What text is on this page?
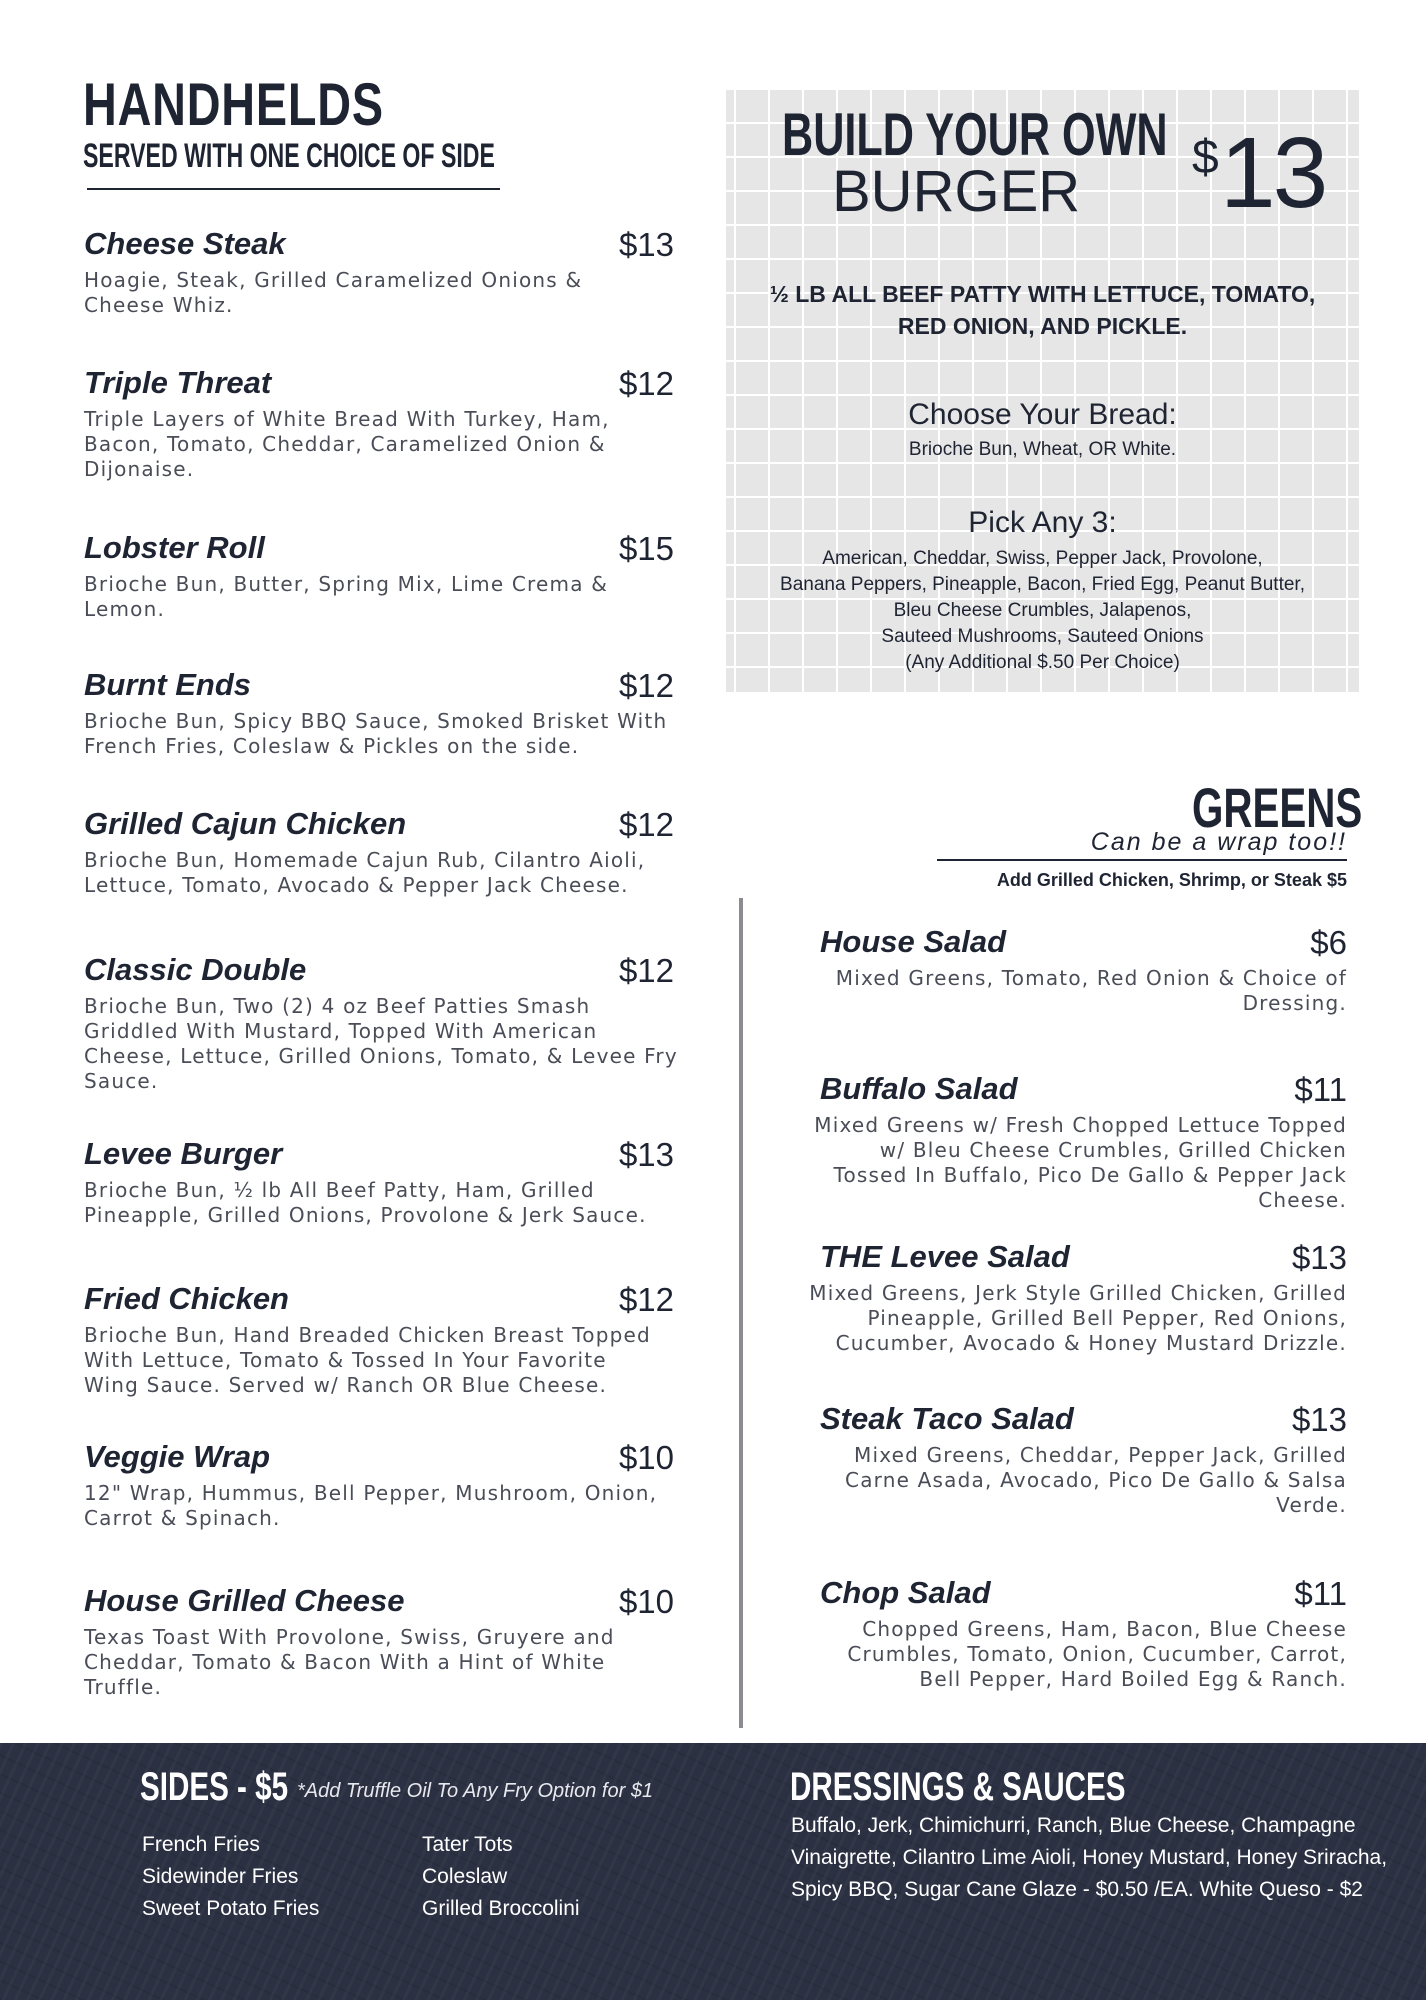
HANDHELDS
SERVED WITH ONE CHOICE OF SIDE
Cheese Steak	$13
Hoagie, Steak, Grilled Caramelized Onions & Cheese Whiz.
Triple Threat	$12
Triple Layers of White Bread With Turkey, Ham, Bacon, Tomato, Cheddar, Caramelized Onion & Dijonaise.
Lobster Roll	$15
Brioche Bun, Butter, Spring Mix, Lime Crema & Lemon.
Burnt Ends	$12
Brioche Bun, Spicy BBQ Sauce, Smoked Brisket With French Fries, Coleslaw & Pickles on the side.
Grilled Cajun Chicken	$12
Brioche Bun, Homemade Cajun Rub, Cilantro Aioli, Lettuce, Tomato, Avocado & Pepper Jack Cheese.
Classic Double	$12
Brioche Bun, Two (2) 4 oz Beef Patties Smash Griddled With Mustard, Topped With American Cheese, Lettuce, Grilled Onions, Tomato, & Levee Fry Sauce.
Levee Burger	$13
Brioche Bun, ½ lb All Beef Patty, Ham, Grilled Pineapple, Grilled Onions, Provolone & Jerk Sauce.
Fried Chicken	$12
Brioche Bun, Hand Breaded Chicken Breast Topped With Lettuce, Tomato & Tossed In Your Favorite Wing Sauce. Served w/ Ranch OR Blue Cheese.
Veggie Wrap	$10
12" Wrap, Hummus, Bell Pepper, Mushroom, Onion, Carrot & Spinach.
House Grilled Cheese	$10
Texas Toast With Provolone, Swiss, Gruyere and Cheddar, Tomato & Bacon With a Hint of White Truffle.
BUILD YOUR OWN
BURGER
$ 13
½ LB ALL BEEF PATTY WITH LETTUCE, TOMATO, RED ONION, AND PICKLE.
Choose Your Bread:
Brioche Bun, Wheat, OR White.
Pick Any 3:
American, Cheddar, Swiss, Pepper Jack, Provolone,
Banana Peppers, Pineapple, Bacon, Fried Egg, Peanut Butter,
Bleu Cheese Crumbles, Jalapenos,
Sauteed Mushrooms, Sauteed Onions
(Any Additional $.50 Per Choice)
GREENS
Can be a wrap too!!
Add Grilled Chicken, Shrimp, or Steak $5
House Salad	$6
Mixed Greens, Tomato, Red Onion & Choice of Dressing.
Buffalo Salad	$11
Mixed Greens w/ Fresh Chopped Lettuce Topped w/ Bleu Cheese Crumbles, Grilled Chicken Tossed In Buffalo, Pico De Gallo & Pepper Jack Cheese.
THE Levee Salad	$13
Mixed Greens, Jerk Style Grilled Chicken, Grilled Pineapple, Grilled Bell Pepper, Red Onions, Cucumber, Avocado & Honey Mustard Drizzle.
Steak Taco Salad	$13
Mixed Greens, Cheddar, Pepper Jack, Grilled Carne Asada, Avocado, Pico De Gallo & Salsa Verde.
Chop Salad	$11
Chopped Greens, Ham, Bacon, Blue Cheese Crumbles, Tomato, Onion, Cucumber, Carrot, Bell Pepper, Hard Boiled Egg & Ranch.
SIDES - $5 *Add Truffle Oil To Any Fry Option for $1
French Fries
Sidewinder Fries
Sweet Potato Fries
Tater Tots
Coleslaw
Grilled Broccolini
DRESSINGS & SAUCES
Buffalo, Jerk, Chimichurri, Ranch, Blue Cheese, Champagne Vinaigrette, Cilantro Lime Aioli, Honey Mustard, Honey Sriracha, Spicy BBQ, Sugar Cane Glaze - $0.50 /EA. White Queso - $2
